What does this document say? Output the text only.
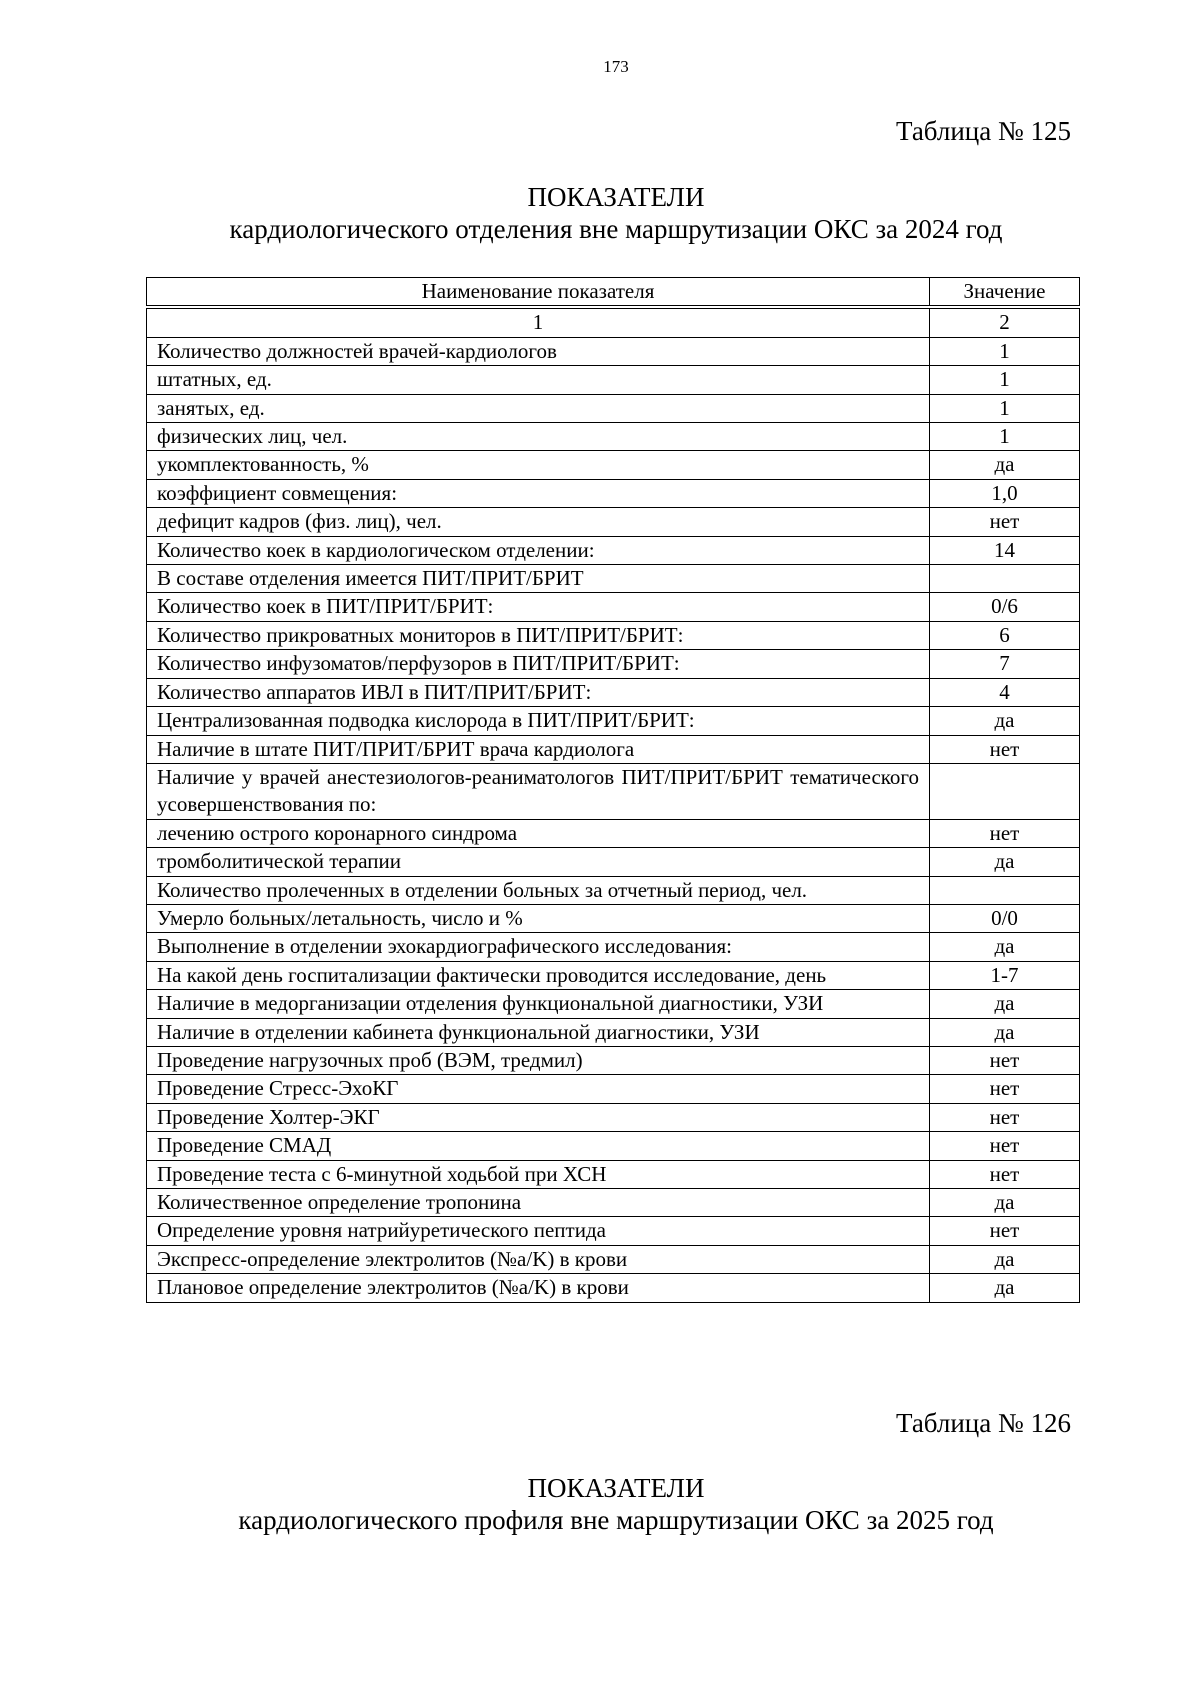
173
Таблица № 125
ПОКАЗАТЕЛИ
кардиологического отделения вне маршрутизации ОКС за 2024 год
Наименование показателя	Значение
1	2
Количество должностей врачей-кардиологов	1
штатных, ед.	1
занятых, ед.	1
физических лиц, чел.	1
укомплектованность, %	да
коэффициент совмещения:	1,0
дефицит кадров (физ. лиц), чел.	нет
Количество коек в кардиологическом отделении:	14
В составе отделения имеется ПИТ/ПРИТ/БРИТ	
Количество коек в ПИТ/ПРИТ/БРИТ:	0/6
Количество прикроватных мониторов в ПИТ/ПРИТ/БРИТ:	6
Количество инфузоматов/перфузоров в ПИТ/ПРИТ/БРИТ:	7
Количество аппаратов ИВЛ в ПИТ/ПРИТ/БРИТ:	4
Централизованная подводка кислорода в ПИТ/ПРИТ/БРИТ:	да
Наличие в штате ПИТ/ПРИТ/БРИТ врача кардиолога	нет
Наличие у врачей анестезиологов-реаниматологов ПИТ/ПРИТ/БРИТ тематического усовершенствования по:	
лечению острого коронарного синдрома	нет
тромболитической терапии	да
Количество пролеченных в отделении больных за отчетный период, чел.	
Умерло больных/летальность, число и %	0/0
Выполнение в отделении эхокардиографического исследования:	да
На какой день госпитализации фактически проводится исследование, день	1-7
Наличие в медорганизации отделения функциональной диагностики, УЗИ	да
Наличие в отделении кабинета функциональной диагностики, УЗИ	да
Проведение нагрузочных проб (ВЭМ, тредмил)	нет
Проведение Стресс-ЭхоКГ	нет
Проведение Холтер-ЭКГ	нет
Проведение СМАД	нет
Проведение теста с 6-минутной ходьбой при ХСН	нет
Количественное определение тропонина	да
Определение уровня натрийуретического пептида	нет
Экспресс-определение электролитов (№a/K) в крови	да
Плановое определение электролитов (№a/K) в крови	да
Таблица № 126
ПОКАЗАТЕЛИ
кардиологического профиля вне маршрутизации ОКС за 2025 год
